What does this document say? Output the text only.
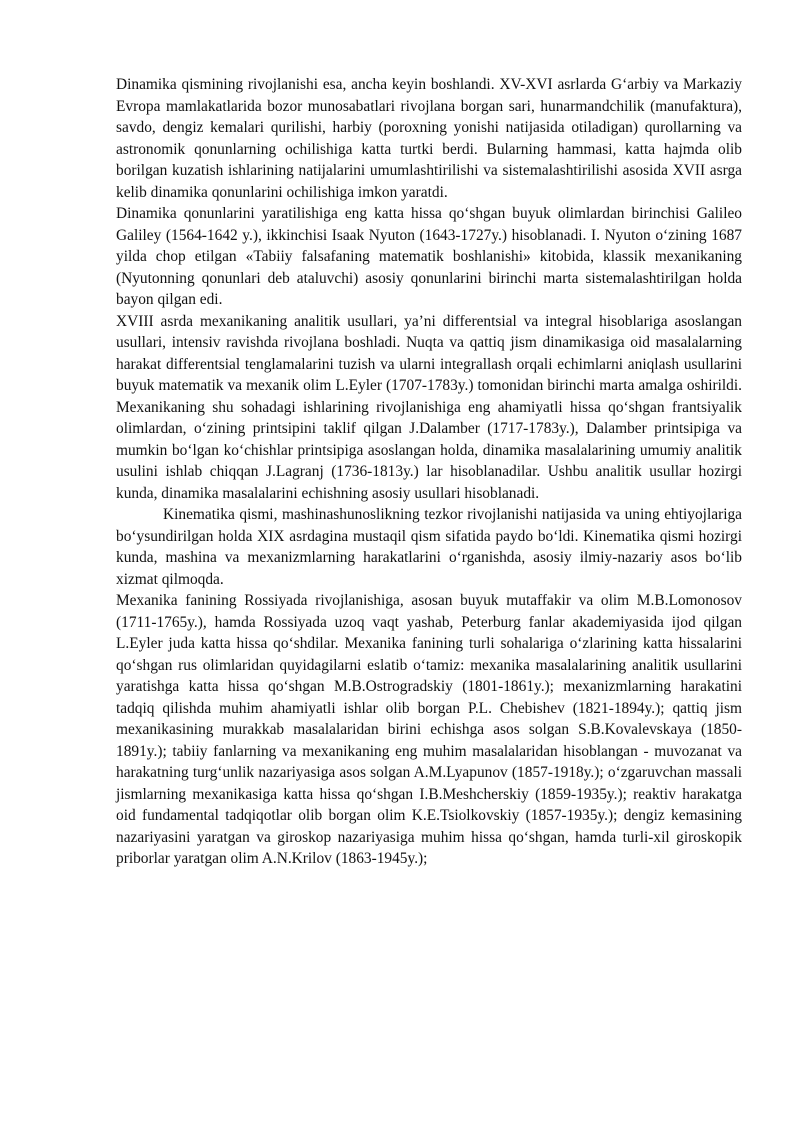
Dinamika qismining rivojlanishi esa, ancha keyin boshlandi. XV-XVI asrlarda G‘arbiy va Markaziy Evropa mamlakatlarida bozor munosabatlari rivojlana borgan sari, hunarmandchilik (manufaktura), savdo, dengiz kemalari qurilishi, harbiy (poroxning yonishi natijasida otiladigan) qurollarning va astronomik qonunlarning ochilishiga katta turtki berdi. Bularning hammasi, katta hajmda olib borilgan kuzatish ishlarining natijalarini umumlashtirilishi va sistemalashtirilishi asosida XVII asrga kelib dinamika qonunlarini ochilishiga imkon yaratdi.

Dinamika qonunlarini yaratilishiga eng katta hissa qo‘shgan buyuk olimlardan birinchisi Galileo Galiley (1564-1642 y.), ikkinchisi Isaak Nyuton (1643-1727y.) hisoblanadi. I. Nyuton o‘zining 1687 yilda chop etilgan «Tabiiy falsafaning matematik boshlanishi» kitobida, klassik mexanikaning (Nyutonning qonunlari deb ataluvchi) asosiy qonunlarini birinchi marta sistemalashtirilgan holda bayon qilgan edi.

XVIII asrda mexanikaning analitik usullari, ya’ni differentsial va integral hisoblariga asoslangan usullari, intensiv ravishda rivojlana boshladi. Nuqta va qattiq jism dinamikasiga oid masalalarning harakat differentsial tenglamalarini tuzish va ularni integrallash orqali echimlarni aniqlash usullarini buyuk matematik va mexanik olim L.Eyler (1707-1783y.) tomonidan birinchi marta amalga oshirildi. Mexanikaning shu sohadagi ishlarining rivojlanishiga eng ahamiyatli hissa qo‘shgan frantsiyalik olimlardan, o‘zining printsipini taklif qilgan J.Dalamber (1717-1783y.), Dalamber printsipiga va mumkin bo‘lgan ko‘chishlar printsipiga asoslangan holda, dinamika masalalarining umumiy analitik usulini ishlab chiqqan J.Lagranj (1736-1813y.) lar hisoblanadilar. Ushbu analitik usullar hozirgi kunda, dinamika masalalarini echishning asosiy usullari hisoblanadi.

Kinematika qismi, mashinashunoslikning tezkor rivojlanishi natijasida va uning ehtiyojlariga bo‘ysundirilgan holda XIX asrdagina mustaqil qism sifatida paydo bo‘ldi. Kinematika qismi hozirgi kunda, mashina va mexanizmlarning harakatlarini o‘rganishda, asosiy ilmiy-nazariy asos bo‘lib xizmat qilmoqda.

Mexanika fanining Rossiyada rivojlanishiga, asosan buyuk mutaffakir va olim M.B.Lomonosov (1711-1765y.), hamda Rossiyada uzoq vaqt yashab, Peterburg fanlar akademiyasida ijod qilgan L.Eyler juda katta hissa qo‘shdilar. Mexanika fanining turli sohalariga o‘zlarining katta hissalarini qo‘shgan rus olimlaridan quyidagilarni eslatib o‘tamiz: mexanika masalalarining analitik usullarini yaratishga katta hissa qo‘shgan M.B.Ostrogradskiy (1801-1861y.); mexanizmlarning harakatini tadqiq qilishda muhim ahamiyatli ishlar olib borgan P.L. Chebishev (1821-1894y.); qattiq jism mexanikasining murakkab masalalaridan birini echishga asos solgan S.B.Kovalevskaya (1850-1891y.); tabiiy fanlarning va mexanikaning eng muhim masalalaridan hisoblangan - muvozanat va harakatning turg‘unlik nazariyasiga asos solgan A.M.Lyapunov (1857-1918y.); o‘zgaruvchan massali jismlarning mexanikasiga katta hissa qo‘shgan I.B.Meshcherskiy (1859-1935y.); reaktiv harakatga oid fundamental tadqiqotlar olib borgan olim K.E.Tsiolkovskiy (1857-1935y.); dengiz kemasining nazariyasini yaratgan va giroskop nazariyasiga muhim hissa qo‘shgan, hamda turli-xil giroskopik priborlar yaratgan olim A.N.Krilov (1863-1945y.);
